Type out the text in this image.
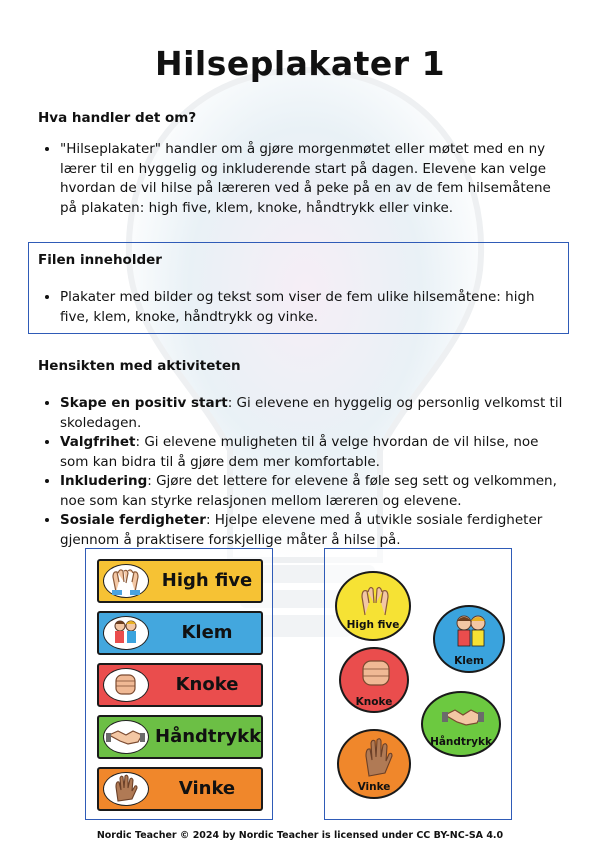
Hilseplakater 1
Hva handler det om?
• "Hilseplakater" handler om å gjøre morgenmøtet eller møtet med en ny lærer til en hyggelig og inkluderende start på dagen. Elevene kan velge hvordan de vil hilse på læreren ved å peke på en av de fem hilsemåtene på plakaten: high five, klem, knoke, håndtrykk eller vinke.
Filen inneholder
• Plakater med bilder og tekst som viser de fem ulike hilsemåtene: high five, klem, knoke, håndtrykk og vinke.
Hensikten med aktiviteten
• Skape en positiv start: Gi elevene en hyggelig og personlig velkomst til skoledagen.
• Valgfrihet: Gi elevene muligheten til å velge hvordan de vil hilse, noe som kan bidra til å gjøre dem mer komfortable.
• Inkludering: Gjøre det lettere for elevene å føle seg sett og velkommen, noe som kan styrke relasjonen mellom læreren og elevene.
• Sosiale ferdigheter: Hjelpe elevene med å utvikle sosiale ferdigheter gjennom å praktisere forskjellige måter å hilse på.
High five
Klem
Knoke
Håndtrykk
Vinke
High five
Klem
Knoke
Håndtrykk
Vinke
Nordic Teacher © 2024 by Nordic Teacher is licensed under CC BY-NC-SA 4.0
